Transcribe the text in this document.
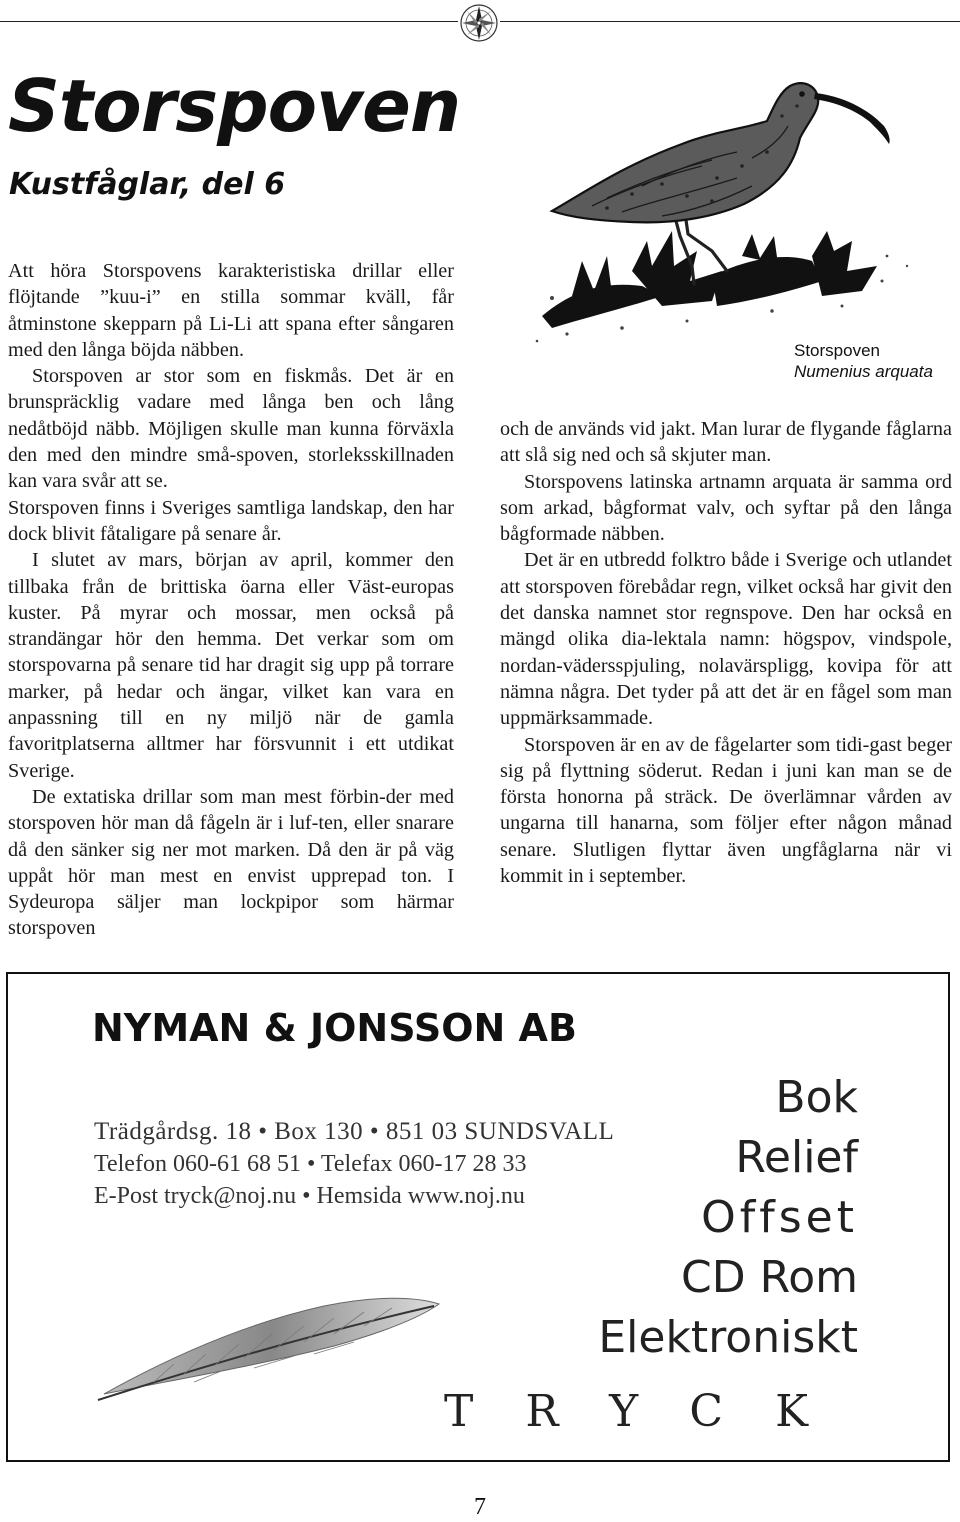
Storspoven
Kustfåglar, del 6
Storspoven
Numenius arquata

Att höra Storspovens karakteristiska drillar eller flöjtande ”kuu-i” en stilla sommar kväll, får åtminstone skepparn på Li-Li att spana efter sångaren med den långa böjda näbben.

Storspoven ar stor som en fiskmås. Det är en brunspräcklig vadare med långa ben och lång nedåtböjd näbb. Möjligen skulle man kunna förväxla den med den mindre små-spoven, storleksskillnaden kan vara svår att se.

Storspoven finns i Sveriges samtliga landskap, den har dock blivit fåtaligare på senare år.

I slutet av mars, början av april, kommer den tillbaka från de brittiska öarna eller Väst-europas kuster. På myrar och mossar, men också på strandängar hör den hemma. Det verkar som om storspovarna på senare tid har dragit sig upp på torrare marker, på hedar och ängar, vilket kan vara en anpassning till en ny miljö när de gamla favoritplatserna alltmer har försvunnit i ett utdikat Sverige.

De extatiska drillar som man mest förbin-der med storspoven hör man då fågeln är i luf-ten, eller snarare då den sänker sig ner mot marken. Då den är på väg uppåt hör man mest en envist upprepad ton. I Sydeuropa säljer man lockpipor som härmar storspoven

och de används vid jakt. Man lurar de flygande fåglarna att slå sig ned och så skjuter man.

Storspovens latinska artnamn arquata är samma ord som arkad, bågformat valv, och syftar på den långa bågformade näbben.

Det är en utbredd folktro både i Sverige och utlandet att storspoven förebådar regn, vilket också har givit den det danska namnet stor regnspove. Den har också en mängd olika dia-lektala namn: högspov, vindspole, nordan-vädersspjuling, nolavärspligg, kovipa för att nämna några. Det tyder på att det är en fågel som man uppmärksammade.

Storspoven är en av de fågelarter som tidi-gast beger sig på flyttning söderut. Redan i juni kan man se de första honorna på sträck. De överlämnar vården av ungarna till hanarna, som följer efter någon månad senare. Slutligen flyttar även ungfåglarna när vi kommit in i september.

NYMAN & JONSSON AB
Trädgårdsg. 18 • Box 130 • 851 03 SUNDSVALL
Telefon 060-61 68 51 • Telefax 060-17 28 33
E-Post tryck@noj.nu • Hemsida www.noj.nu
Bok
Relief
Offset
CD Rom
Elektroniskt
TRYCK
7
